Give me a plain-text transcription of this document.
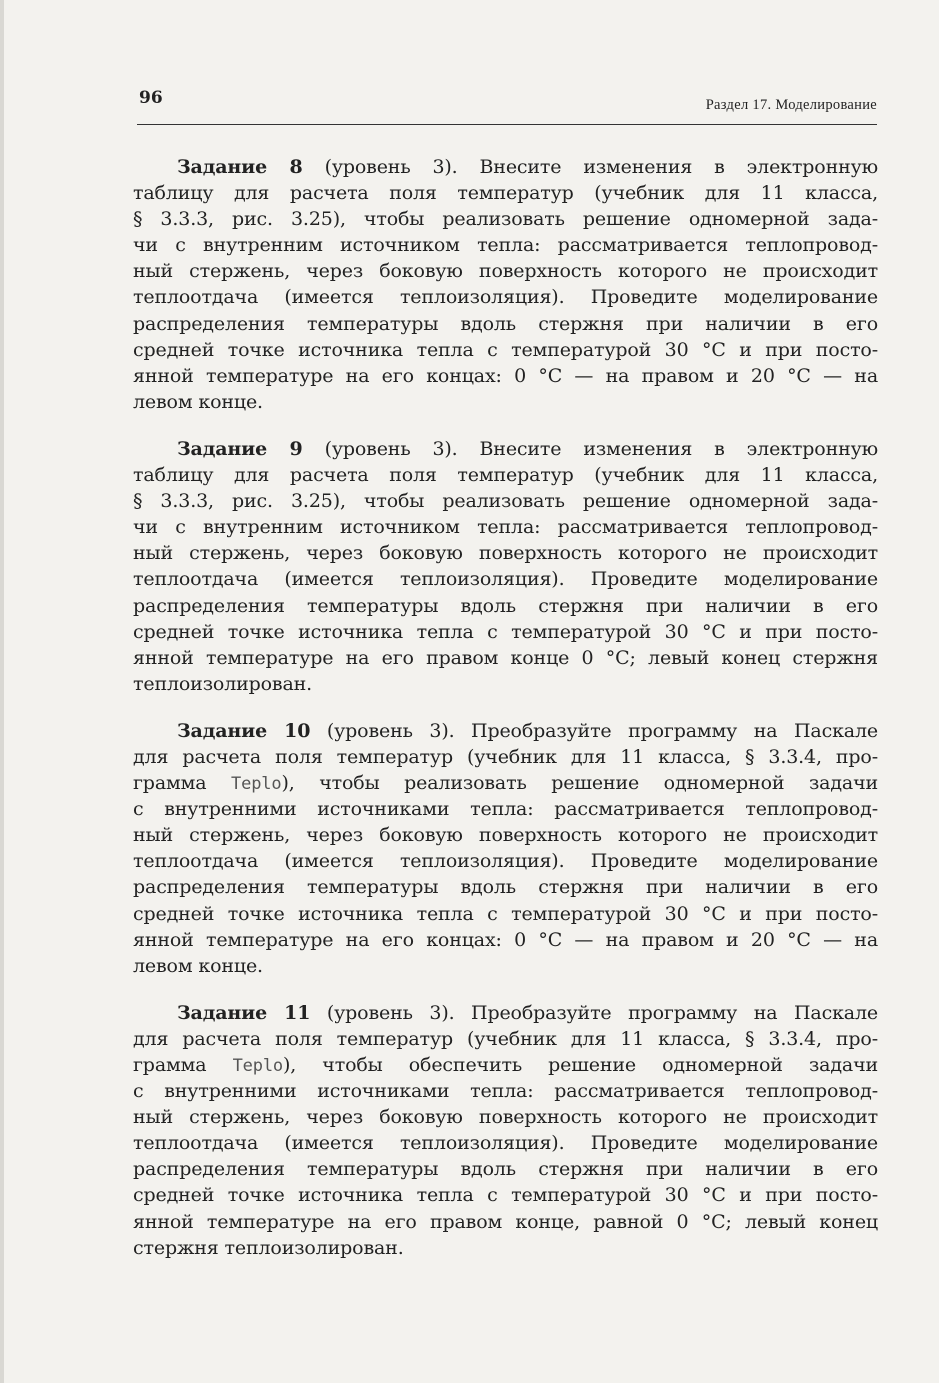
96	Раздел 17. Моделирование
Задание 8 (уровень 3). Внесите изменения в электронную
таблицу для расчета поля температур (учебник для 11 класса,
§ 3.3.3, рис. 3.25), чтобы реализовать решение одномерной зада-
чи с внутренним источником тепла: рассматривается теплопровод-
ный стержень, через боковую поверхность которого не происходит
теплоотдача (имеется теплоизоляция). Проведите моделирование
распределения температуры вдоль стержня при наличии в его
средней точке источника тепла с температурой 30 °С и при посто-
янной температуре на его концах: 0 °С — на правом и 20 °С — на
левом конце.
Задание 9 (уровень 3). Внесите изменения в электронную
таблицу для расчета поля температур (учебник для 11 класса,
§ 3.3.3, рис. 3.25), чтобы реализовать решение одномерной зада-
чи с внутренним источником тепла: рассматривается теплопровод-
ный стержень, через боковую поверхность которого не происходит
теплоотдача (имеется теплоизоляция). Проведите моделирование
распределения температуры вдоль стержня при наличии в его
средней точке источника тепла с температурой 30 °С и при посто-
янной температуре на его правом конце 0 °С; левый конец стержня
теплоизолирован.
Задание 10 (уровень 3). Преобразуйте программу на Паскале
для расчета поля температур (учебник для 11 класса, § 3.3.4, про-
грамма Teplo), чтобы реализовать решение одномерной задачи
с внутренними источниками тепла: рассматривается теплопровод-
ный стержень, через боковую поверхность которого не происходит
теплоотдача (имеется теплоизоляция). Проведите моделирование
распределения температуры вдоль стержня при наличии в его
средней точке источника тепла с температурой 30 °С и при посто-
янной температуре на его концах: 0 °С — на правом и 20 °С — на
левом конце.
Задание 11 (уровень 3). Преобразуйте программу на Паскале
для расчета поля температур (учебник для 11 класса, § 3.3.4, про-
грамма Teplo), чтобы обеспечить решение одномерной задачи
с внутренними источниками тепла: рассматривается теплопровод-
ный стержень, через боковую поверхность которого не происходит
теплоотдача (имеется теплоизоляция). Проведите моделирование
распределения температуры вдоль стержня при наличии в его
средней точке источника тепла с температурой 30 °С и при посто-
янной температуре на его правом конце, равной 0 °С; левый конец
стержня теплоизолирован.
